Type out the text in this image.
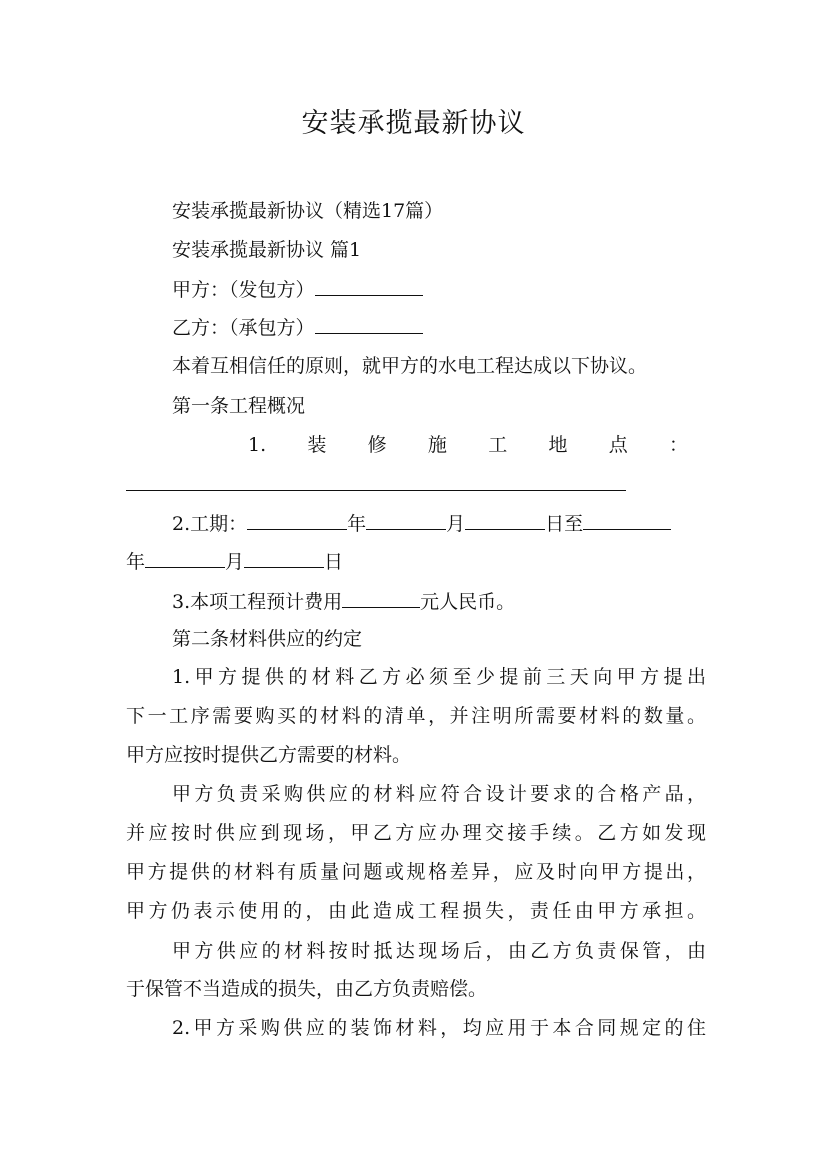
安装承揽最新协议
安装承揽最新协议（精选17篇）
安装承揽最新协议 篇1
甲方：（发包方）
乙方：（承包方）
本着互相信任的原则，就甲方的水电工程达成以下协议。
第一条工程概况
1. 装 修 施 工 地 点 ：
2.工期：	年	月	日至
年	月	日
3.本项工程预计费用	元人民币。
第二条材料供应的约定
1.甲方提供的材料乙方必须至少提前三天向甲方提出
下一工序需要购买的材料的清单，并注明所需要材料的数量。
甲方应按时提供乙方需要的材料。
甲方负责采购供应的材料应符合设计要求的合格产品，
并应按时供应到现场，甲乙方应办理交接手续。乙方如发现
甲方提供的材料有质量问题或规格差异，应及时向甲方提出，
甲方仍表示使用的，由此造成工程损失，责任由甲方承担。
甲方供应的材料按时抵达现场后，由乙方负责保管，由
于保管不当造成的损失，由乙方负责赔偿。
2.甲方采购供应的装饰材料，均应用于本合同规定的住
